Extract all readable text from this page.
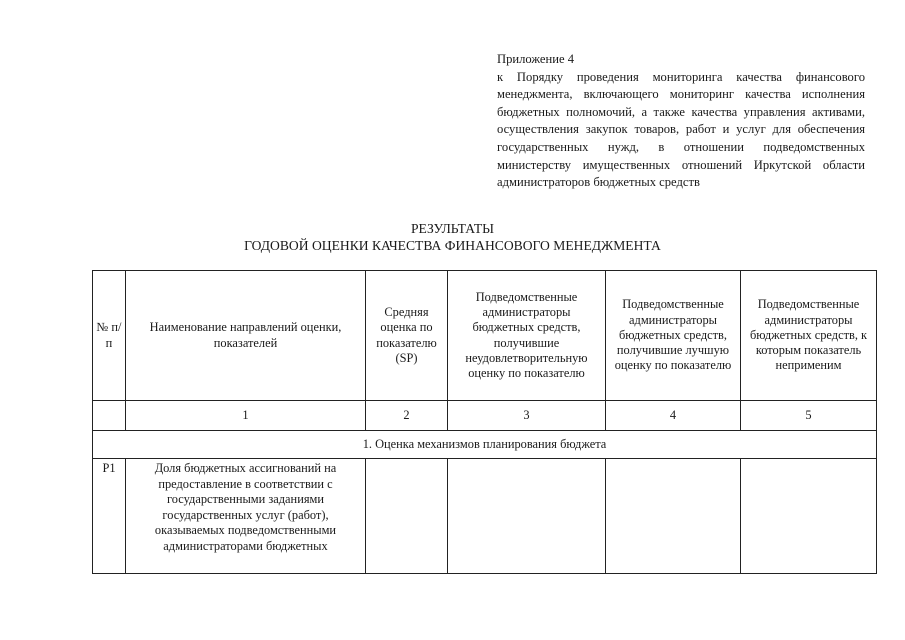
Приложение 4
к Порядку проведения мониторинга качества финансового менеджмента, включающего мониторинг качества исполнения бюджетных полномочий, а также качества управления активами, осуществления закупок товаров, работ и услуг для обеспечения государственных нужд, в отношении подведомственных министерству имущественных отношений Иркутской области администраторов бюджетных средств
РЕЗУЛЬТАТЫ
ГОДОВОЙ ОЦЕНКИ КАЧЕСТВА ФИНАНСОВОГО МЕНЕДЖМЕНТА
№ п/п	Наименование направлений оценки, показателей	Средняя оценка по показателю (SP)	Подведомственные администраторы бюджетных средств, получившие неудовлетворительную оценку по показателю	Подведомственные администраторы бюджетных средств, получившие лучшую оценку по показателю	Подведомственные администраторы бюджетных средств, к которым показатель неприменим
	1	2	3	4	5
1. Оценка механизмов планирования бюджета					
P1	Доля бюджетных ассигнований на предоставление в соответствии с государственными заданиями государственных услуг (работ), оказываемых подведомственными администраторами бюджетных				
